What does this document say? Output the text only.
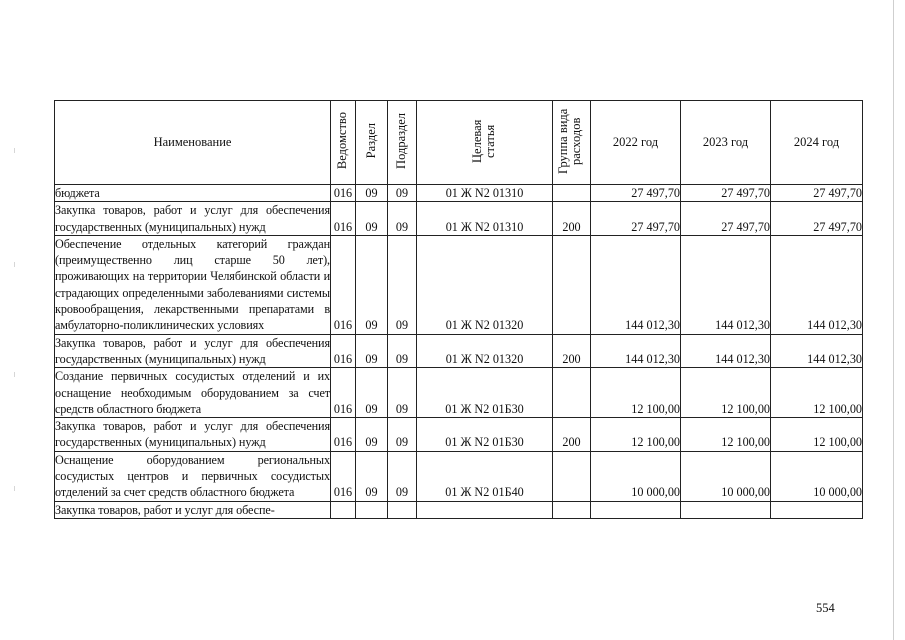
Наименование	Ведомство	Раздел	Подраздел	Целевая статья	Группа вида расходов	2022 год	2023 год	2024 год
бюджета	016	09	09	01 Ж N2 01310		27 497,70	27 497,70	27 497,70
Закупка товаров, работ и услуг для обеспечения государственных (муниципальных) нужд	016	09	09	01 Ж N2 01310	200	27 497,70	27 497,70	27 497,70
Обеспечение отдельных категорий граждан (преимущественно лиц старше 50 лет), проживающих на территории Челябинской области и страдающих определенными заболеваниями системы кровообращения, лекарственными препаратами в амбулаторно-поликлинических условиях	016	09	09	01 Ж N2 01320		144 012,30	144 012,30	144 012,30
Закупка товаров, работ и услуг для обеспечения государственных (муниципальных) нужд	016	09	09	01 Ж N2 01320	200	144 012,30	144 012,30	144 012,30
Создание первичных сосудистых отделений и их оснащение необходимым оборудованием за счет средств областного бюджета	016	09	09	01 Ж N2 01Б30		12 100,00	12 100,00	12 100,00
Закупка товаров, работ и услуг для обеспечения государственных (муниципальных) нужд	016	09	09	01 Ж N2 01Б30	200	12 100,00	12 100,00	12 100,00
Оснащение оборудованием региональных сосудистых центров и первичных сосудистых отделений за счет средств областного бюджета	016	09	09	01 Ж N2 01Б40		10 000,00	10 000,00	10 000,00
Закупка товаров, работ и услуг для обеспе-								
554
